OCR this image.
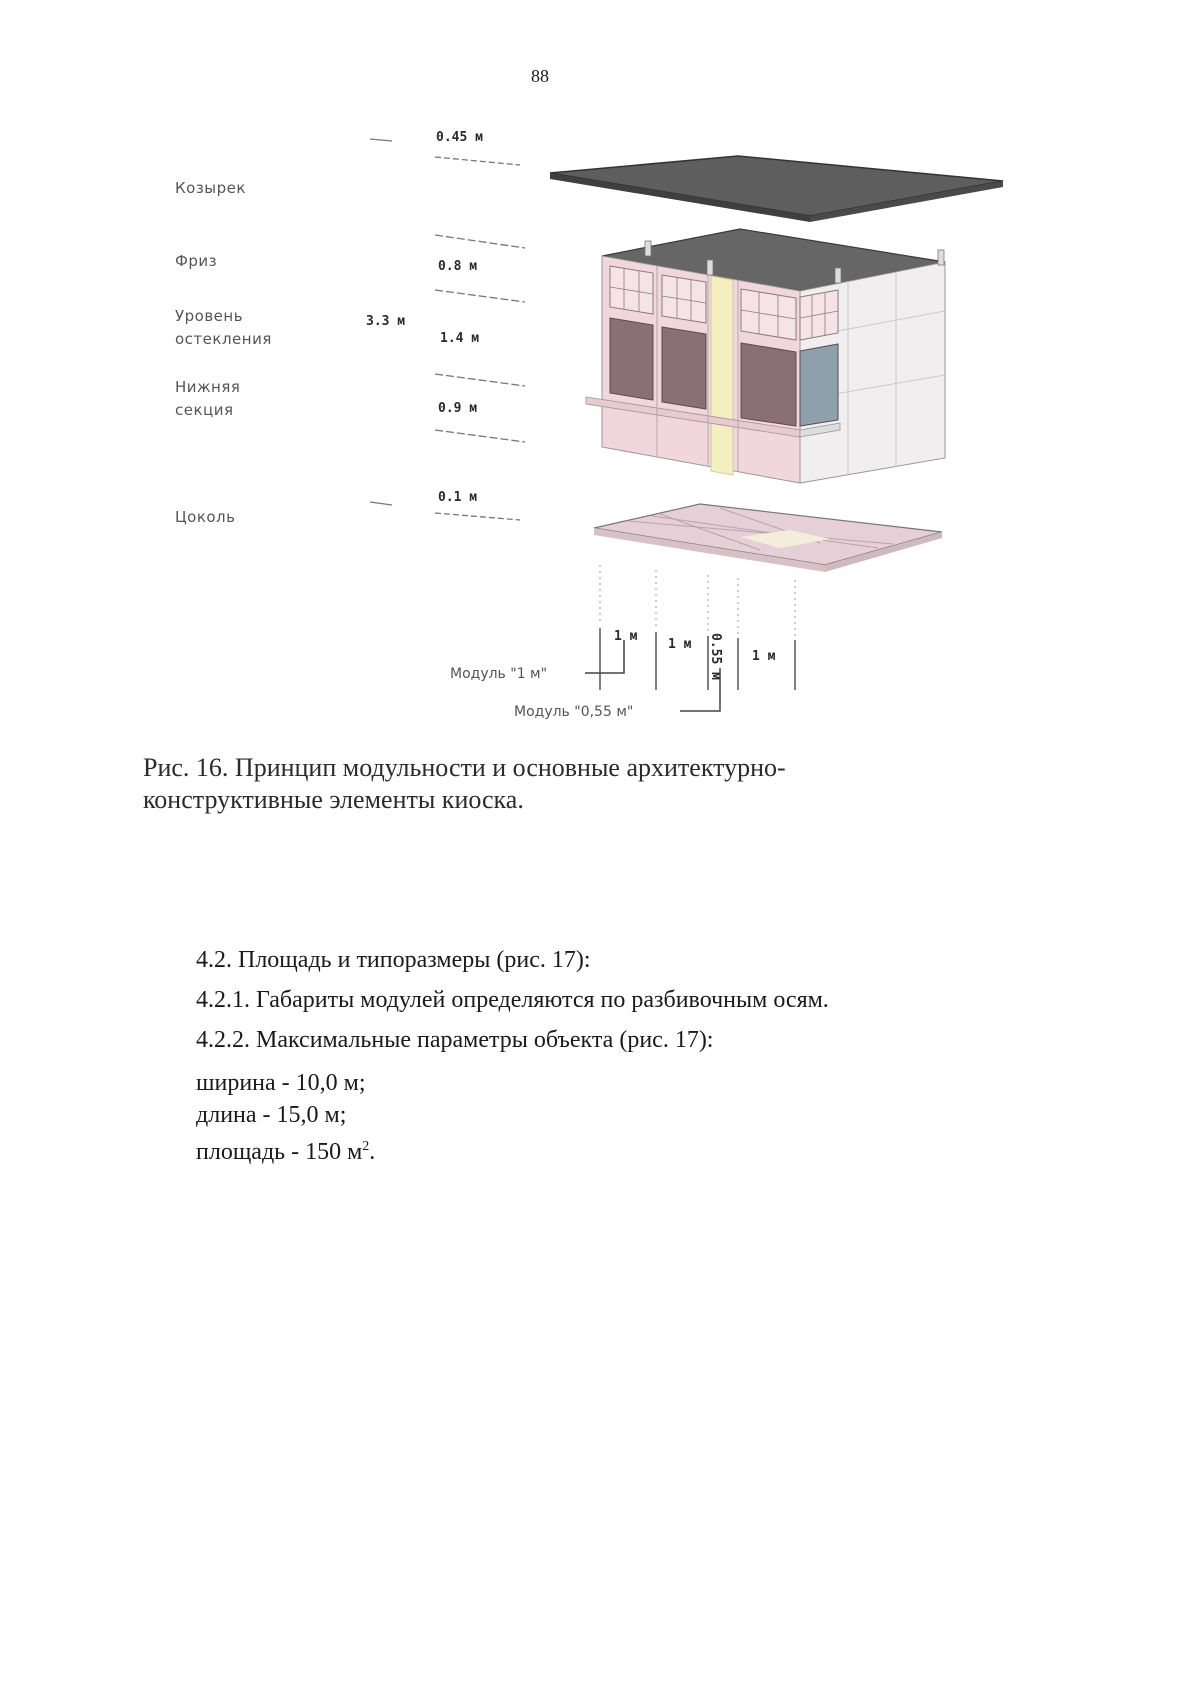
88
Козырек
Фриз
Уровень
остекления
Нижняя
секция
Цоколь
0.45 м
0.8 м
3.3 м
1.4 м
0.9 м
0.1 м
1 м
1 м 0.55 м 1 м
Модуль "1 м"
Модуль "0,55 м"
Рис. 16. Принцип модульности и основные архитектурно-
конструктивные элементы киоска.

4.2. Площадь и типоразмеры (рис. 17):

4.2.1. Габариты модулей определяются по разбивочным осям.

4.2.2. Максимальные параметры объекта (рис. 17):

ширина - 10,0 м;
длина - 15,0 м;
площадь - 150 $м^2$.
